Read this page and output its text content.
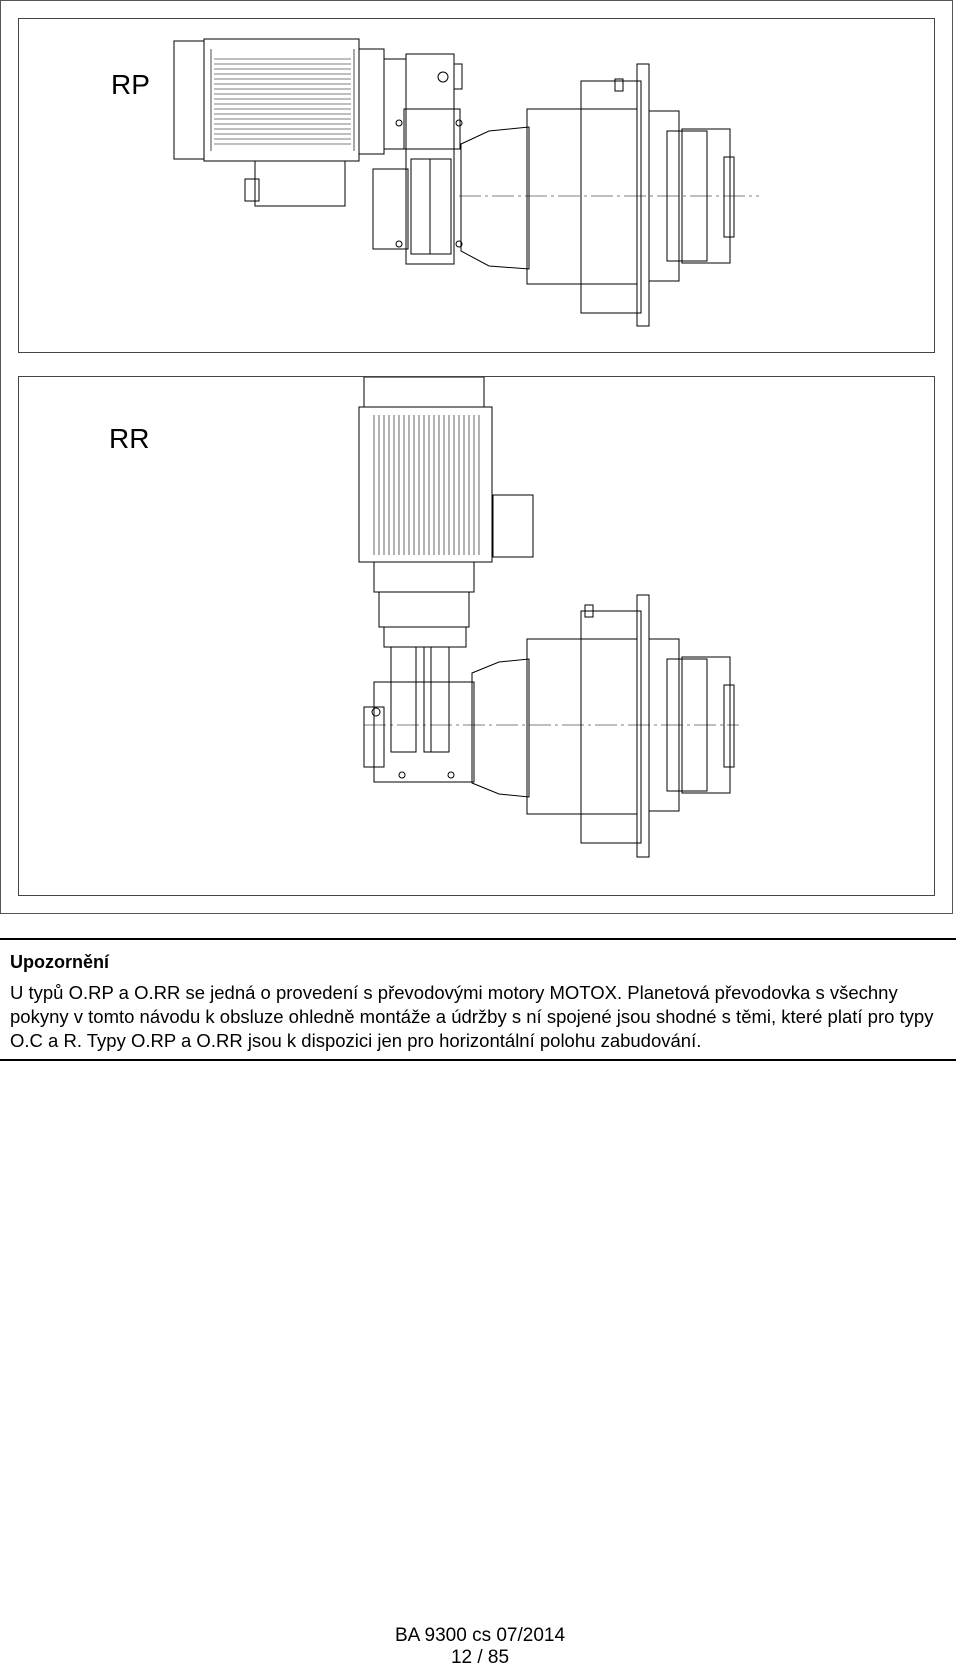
RP
RR
Upozornění

U typů O.RP a O.RR se jedná o provedení s převodovými motory MOTOX. Planetová převodovka s všechny pokyny v tomto návodu k obsluze ohledně montáže a údržby s ní spojené jsou shodné s těmi, které platí pro typy O.C a R. Typy O.RP a O.RR jsou k dispozici jen pro horizontální polohu zabudování.

BA 9300 cs 07/2014
12 / 85
